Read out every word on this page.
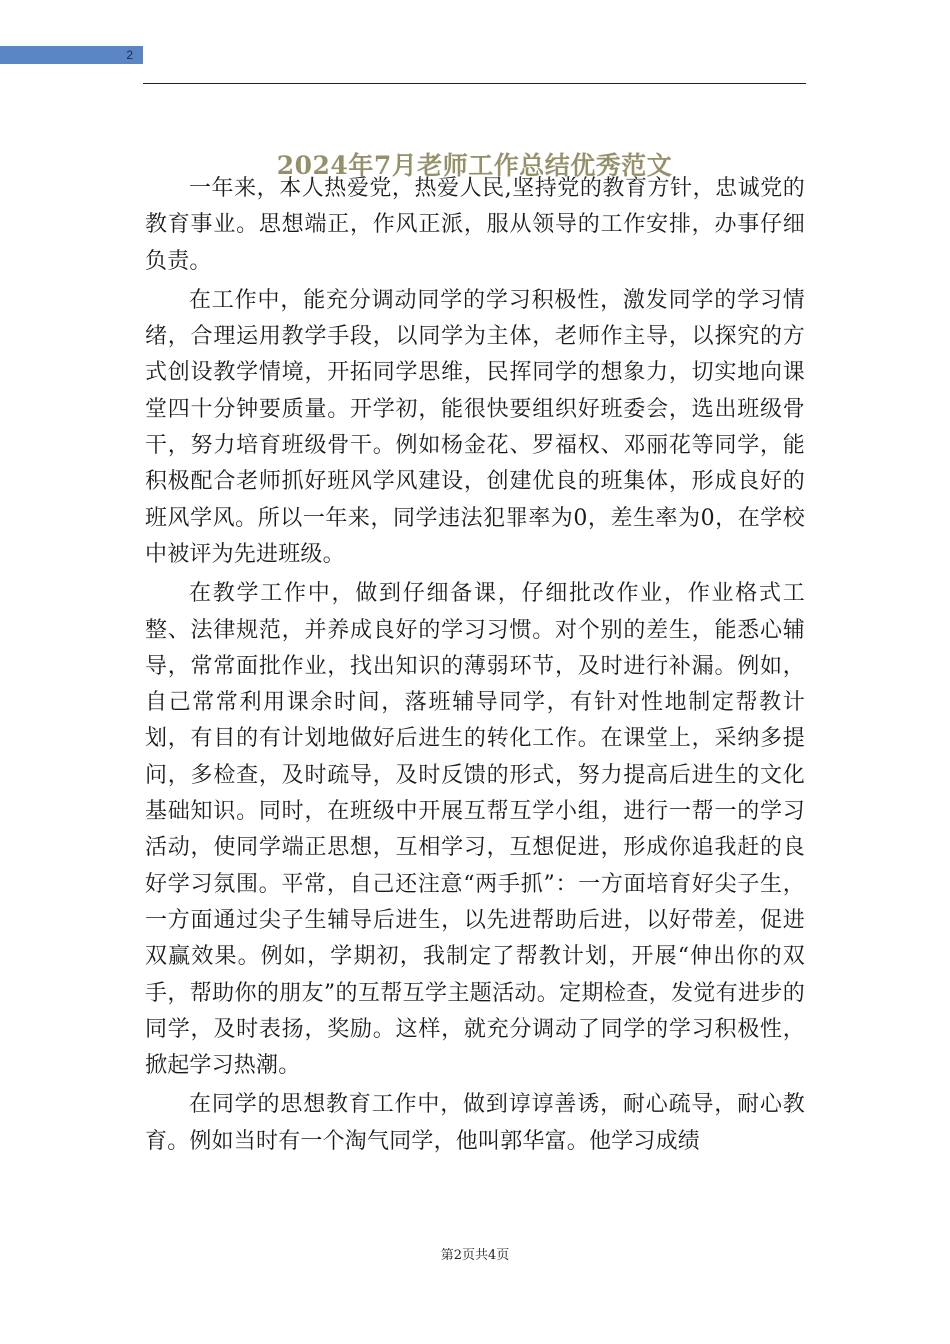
2
2024年7月老师工作总结优秀范文

一年来，本人热爱党，热爱人民,坚持党的教育方针，忠诚党的教育事业。思想端正，作风正派，服从领导的工作安排，办事仔细负责。

在工作中，能充分调动同学的学习积极性，激发同学的学习情绪，合理运用教学手段，以同学为主体，老师作主导，以探究的方式创设教学情境，开拓同学思维，民挥同学的想象力，切实地向课堂四十分钟要质量。开学初，能很快要组织好班委会，选出班级骨干，努力培育班级骨干。例如杨金花、罗福权、邓丽花等同学，能积极配合老师抓好班风学风建设，创建优良的班集体，形成良好的班风学风。所以一年来，同学违法犯罪率为0，差生率为0，在学校中被评为先进班级。

在教学工作中，做到仔细备课，仔细批改作业，作业格式工整、法律规范，并养成良好的学习习惯。对个别的差生，能悉心辅导，常常面批作业，找出知识的薄弱环节，及时进行补漏。例如，自己常常利用课余时间，落班辅导同学，有针对性地制定帮教计划，有目的有计划地做好后进生的转化工作。在课堂上，采纳多提问，多检查，及时疏导，及时反馈的形式，努力提高后进生的文化基础知识。同时，在班级中开展互帮互学小组，进行一帮一的学习活动，使同学端正思想，互相学习，互想促进，形成你追我赶的良好学习氛围。平常，自己还注意“两手抓”：一方面培育好尖子生，一方面通过尖子生辅导后进生，以先进帮助后进，以好带差，促进双赢效果。例如，学期初，我制定了帮教计划，开展“伸出你的双手，帮助你的朋友”的互帮互学主题活动。定期检查，发觉有进步的同学，及时表扬，奖励。这样，就充分调动了同学的学习积极性，掀起学习热潮。

在同学的思想教育工作中，做到谆谆善诱，耐心疏导，耐心教育。例如当时有一个淘气同学，他叫郭华富。他学习成绩

第2页共4页
